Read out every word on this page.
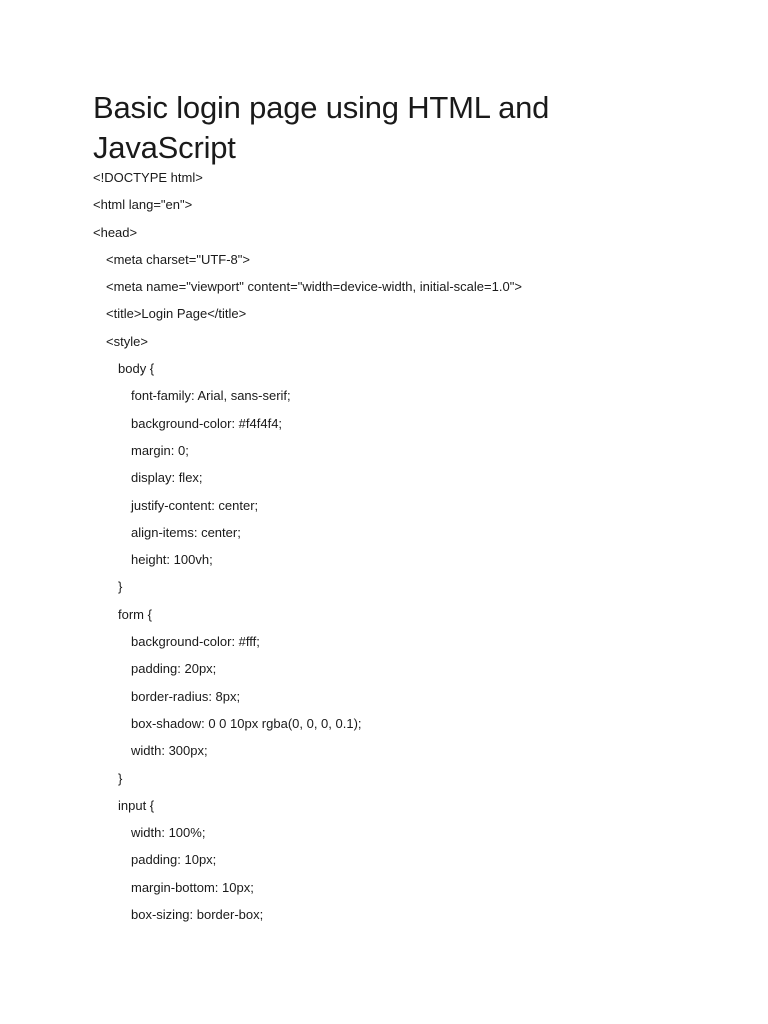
Basic login page using HTML and JavaScript
<!DOCTYPE html>
<html lang="en">
<head>
<meta charset="UTF-8">
<meta name="viewport" content="width=device-width, initial-scale=1.0">
<title>Login Page</title>
<style>
body {
font-family: Arial, sans-serif;
background-color: #f4f4f4;
margin: 0;
display: flex;
justify-content: center;
align-items: center;
height: 100vh;
}
form {
background-color: #fff;
padding: 20px;
border-radius: 8px;
box-shadow: 0 0 10px rgba(0, 0, 0, 0.1);
width: 300px;
}
input {
width: 100%;
padding: 10px;
margin-bottom: 10px;
box-sizing: border-box;
